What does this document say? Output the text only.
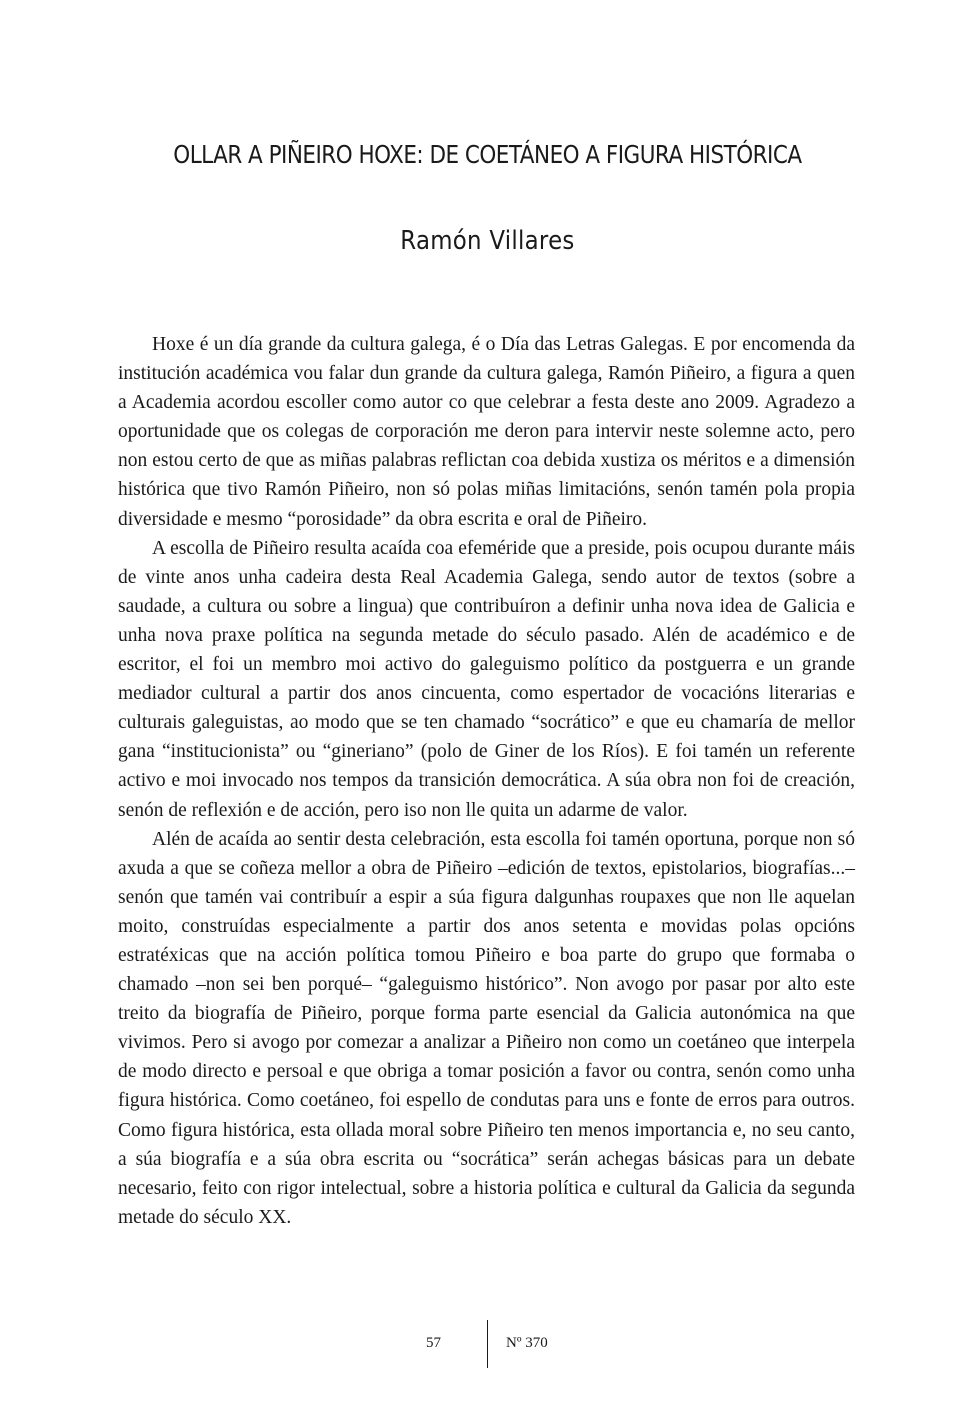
OLLAR A PIÑEIRO HOXE: DE COETÁNEO A FIGURA HISTÓRICA
Ramón Villares

Hoxe é un día grande da cultura galega, é o Día das Letras Galegas. E por encomenda da institución académica vou falar dun grande da cultura galega, Ramón Piñeiro, a figura a quen a Academia acordou escoller como autor co que celebrar a festa deste ano 2009. Agradezo a oportunidade que os colegas de corporación me deron para intervir neste solemne acto, pero non estou certo de que as miñas palabras reflictan coa debida xustiza os méritos e a dimensión histórica que tivo Ramón Piñeiro, non só polas miñas limitacións, senón tamén pola propia diversidade e mesmo “porosidade” da obra escrita e oral de Piñeiro.

A escolla de Piñeiro resulta acaída coa efeméride que a preside, pois ocupou durante máis de vinte anos unha cadeira desta Real Academia Galega, sendo autor de textos (sobre a saudade, a cultura ou sobre a lingua) que contribuíron a definir unha nova idea de Galicia e unha nova praxe política na segunda metade do século pasado. Alén de académico e de escritor, el foi un membro moi activo do galeguismo político da postguerra e un grande mediador cultural a partir dos anos cincuenta, como espertador de vocacións literarias e culturais galeguistas, ao modo que se ten chamado “socrático” e que eu chamaría de mellor gana “institucionista” ou “gineriano” (polo de Giner de los Ríos). E foi tamén un referente activo e moi invocado nos tempos da transición democrática. A súa obra non foi de creación, senón de reflexión e de acción, pero iso non lle quita un adarme de valor.

Alén de acaída ao sentir desta celebración, esta escolla foi tamén oportuna, porque non só axuda a que se coñeza mellor a obra de Piñeiro –edición de textos, epistolarios, biografías...– senón que tamén vai contribuír a espir a súa figura dalgunhas roupaxes que non lle aquelan moito, construídas especialmente a partir dos anos setenta e movidas polas opcións estratéxicas que na acción política tomou Piñeiro e boa parte do grupo que formaba o chamado –non sei ben porqué– “galeguismo histórico”. Non avogo por pasar por alto este treito da biografía de Piñeiro, porque forma parte esencial da Galicia autonómica na que vivimos. Pero si avogo por comezar a analizar a Piñeiro non como un coetáneo que interpela de modo directo e persoal e que obriga a tomar posición a favor ou contra, senón como unha figura histórica. Como coetáneo, foi espello de condutas para uns e fonte de erros para outros. Como figura histórica, esta ollada moral sobre Piñeiro ten menos importancia e, no seu canto, a súa biografía e a súa obra escrita ou “socrática” serán achegas básicas para un debate necesario, feito con rigor intelectual, sobre a historia política e cultural da Galicia da segunda metade do século XX.

57	Nº 370
